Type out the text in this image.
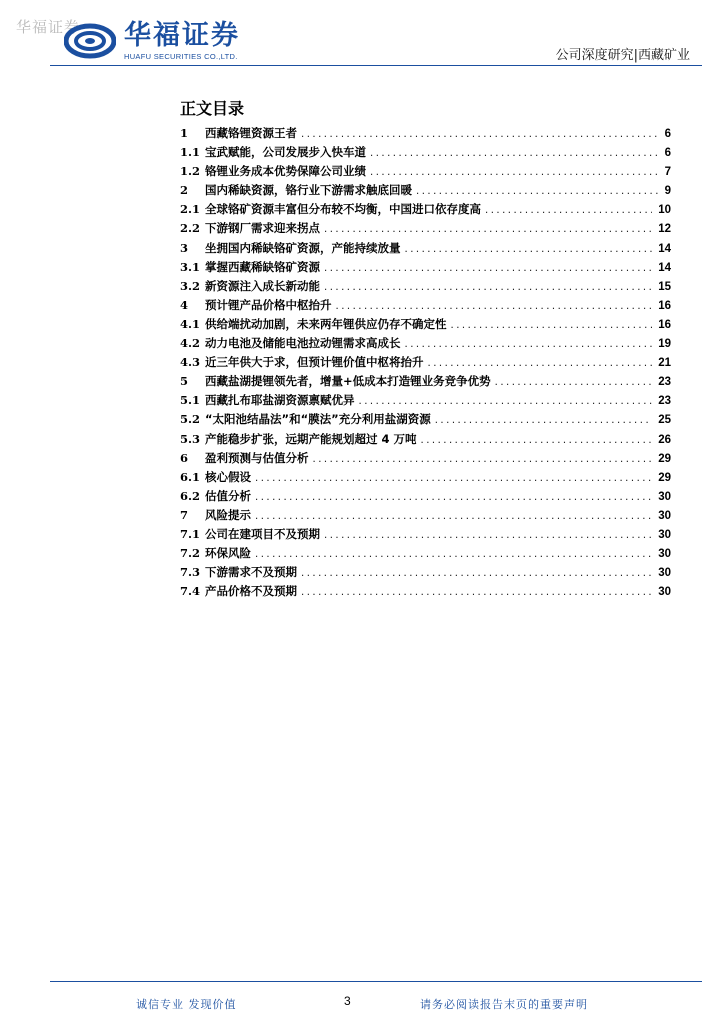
华福证券 华福证券
HUAFU SECURITIES CO.,LTD.	公司深度研究|西藏矿业
正文目录
1 西藏铬锂资源王者 .....	6
1.1 宝武赋能，公司发展步入快车道 .....	6
1.2 铬锂业务成本优势保障公司业绩 .....	7
2 国内稀缺资源，铬行业下游需求触底回暖 .....	9
2.1 全球铬矿资源丰富但分布较不均衡，中国进口依存度高 .....	10
2.2 下游钢厂需求迎来拐点 .....	12
3 坐拥国内稀缺铬矿资源，产能持续放量 .....	14
3.1 掌握西藏稀缺铬矿资源 .....	14
3.2 新资源注入成长新动能 .....	15
4 预计锂产品价格中枢抬升 .....	16
4.1 供给端扰动加剧，未来两年锂供应仍存不确定性 .....	16
4.2 动力电池及储能电池拉动锂需求高成长 .....	19
4.3 近三年供大于求，但预计锂价值中枢将抬升 .....	21
5 西藏盐湖提锂领先者，增量+低成本打造锂业务竞争优势 .....	23
5.1 西藏扎布耶盐湖资源禀赋优异 .....	23
5.2 “太阳池结晶法”和“膜法”充分利用盐湖资源 .....	25
5.3 产能稳步扩张，远期产能规划超过 4 万吨 .....	26
6 盈利预测与估值分析 .....	29
6.1 核心假设 .....	29
6.2 估值分析 .....	30
7 风险提示 .....	30
7.1 公司在建项目不及预期 .....	30
7.2 环保风险 .....	30
7.3 下游需求不及预期 .....	30
7.4 产品价格不及预期 .....	30
诚信专业 发现价值	3	请务必阅读报告末页的重要声明
